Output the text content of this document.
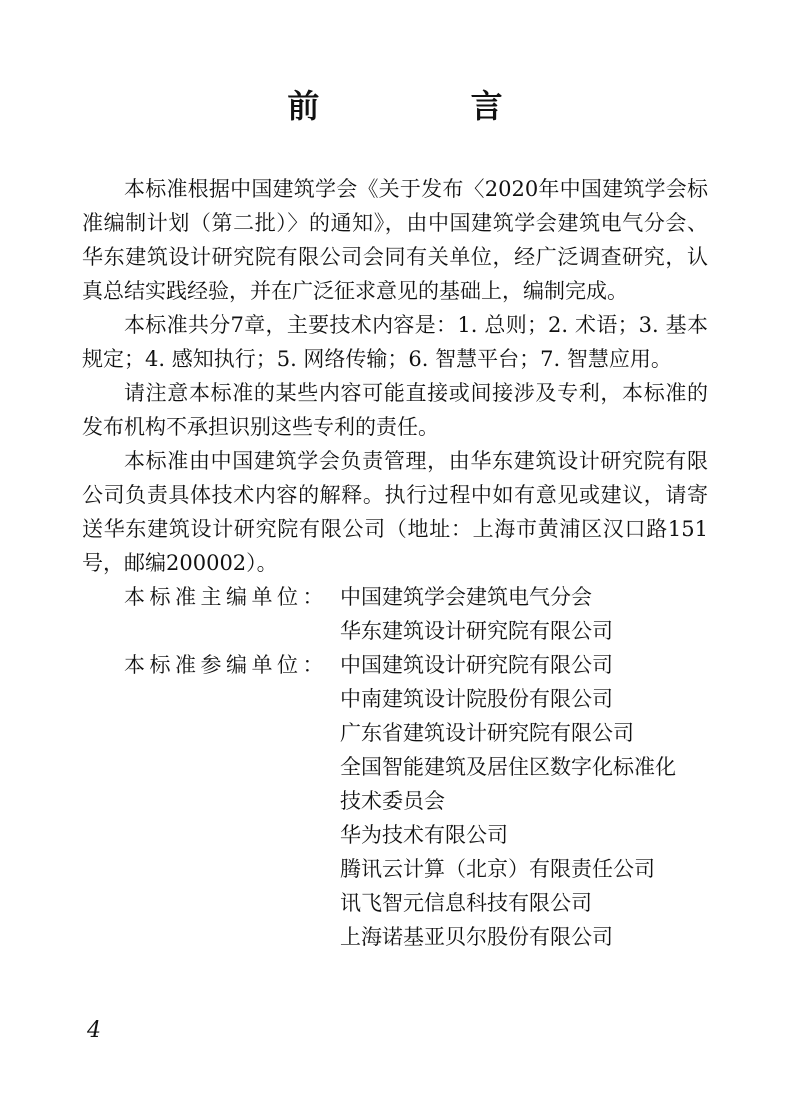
前 言

本标准根据中国建筑学会《关于发布〈2020年中国建筑学会标准编制计划（第二批）〉的通知》，由中国建筑学会建筑电气分会、华东建筑设计研究院有限公司会同有关单位，经广泛调查研究，认真总结实践经验，并在广泛征求意见的基础上，编制完成。

本标准共分7章，主要技术内容是：1. 总则；2. 术语；3. 基本规定；4. 感知执行；5. 网络传输；6. 智慧平台；7. 智慧应用。

请注意本标准的某些内容可能直接或间接涉及专利，本标准的发布机构不承担识别这些专利的责任。

本标准由中国建筑学会负责管理，由华东建筑设计研究院有限公司负责具体技术内容的解释。执行过程中如有意见或建议，请寄送华东建筑设计研究院有限公司（地址：上海市黄浦区汉口路151号，邮编200002）。

本标准主编单位： 中国建筑学会建筑电气分会
华东建筑设计研究院有限公司
本标准参编单位： 中国建筑设计研究院有限公司
中南建筑设计院股份有限公司
广东省建筑设计研究院有限公司
全国智能建筑及居住区数字化标准化
技术委员会
华为技术有限公司
腾讯云计算（北京）有限责任公司
讯飞智元信息科技有限公司
上海诺基亚贝尔股份有限公司
4
